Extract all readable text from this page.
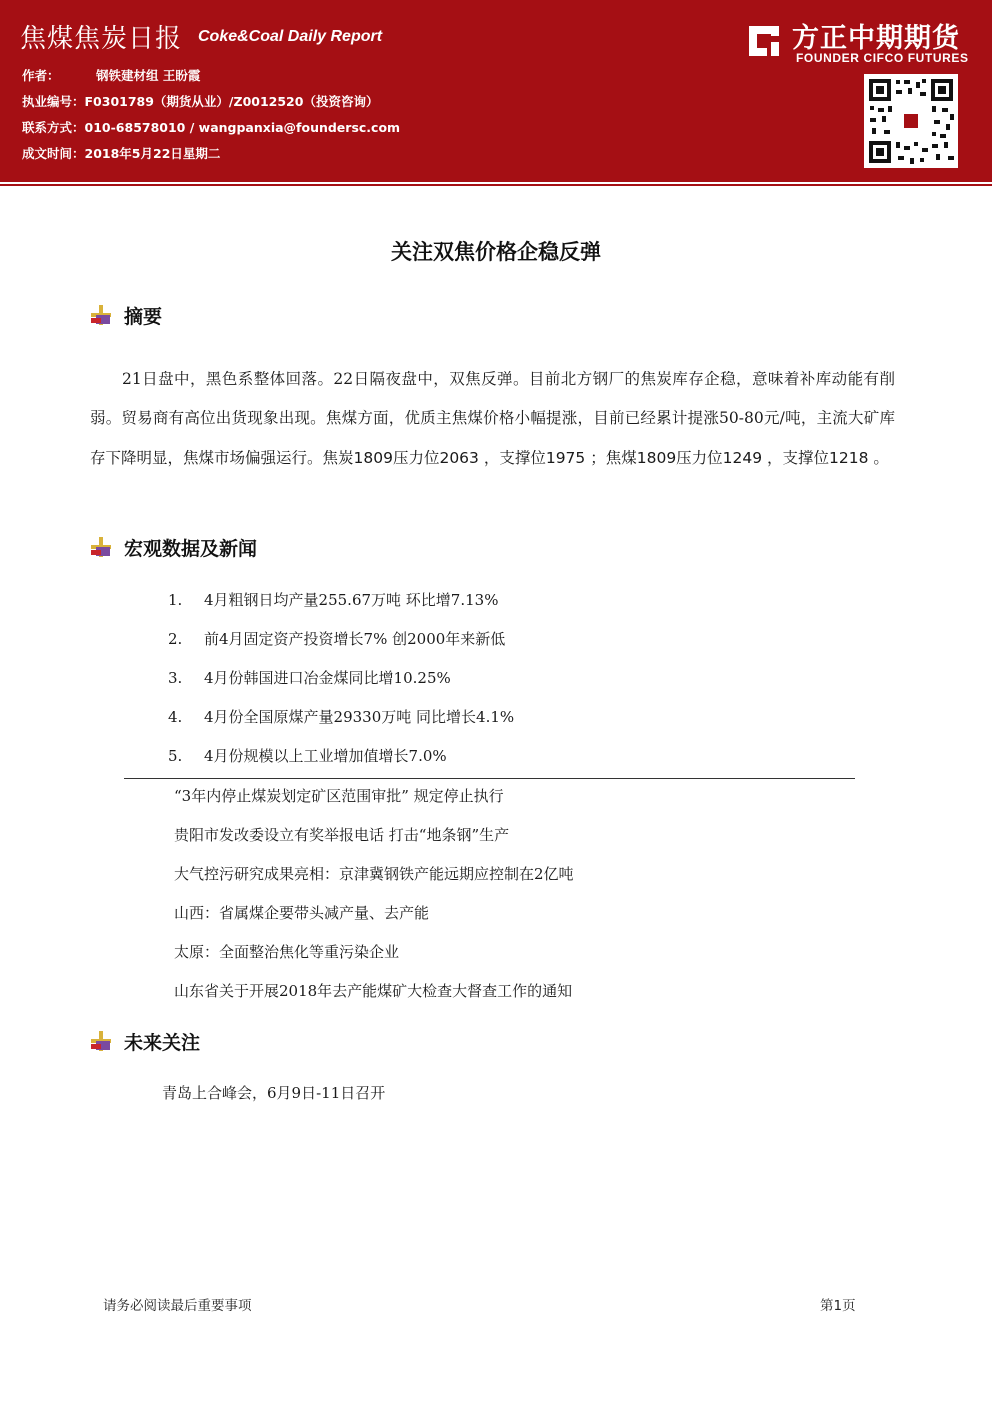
焦煤焦炭日报 Coke&Coal Daily Report
作者：	钢铁建材组 王盼霞
执业编号：F0301789（期货从业）/Z0012520（投资咨询）
联系方式：010-68578010 / wangpanxia@foundersc.com
成文时间：2018年5月22日星期二
方正中期期货
FOUNDER CIFCO FUTURES
关注双焦价格企稳反弹
摘要
21日盘中，黑色系整体回落。22日隔夜盘中，双焦反弹。目前北方钢厂的焦炭库存企稳，意味着补库动能有削弱。贸易商有高位出货现象出现。焦煤方面，优质主焦煤价格小幅提涨，目前已经累计提涨50-80元/吨，主流大矿库存下降明显，焦煤市场偏强运行。焦炭1809压力位2063 ，支撑位1975 ；焦煤1809压力位1249 ，支撑位1218 。
宏观数据及新闻
1. 4月粗钢日均产量255.67万吨 环比增7.13%
2. 前4月固定资产投资增长7% 创2000年来新低
3. 4月份韩国进口冶金煤同比增10.25%
4. 4月份全国原煤产量29330万吨 同比增长4.1%
5. 4月份规模以上工业增加值增长7.0%
“3年内停止煤炭划定矿区范围审批” 规定停止执行
贵阳市发改委设立有奖举报电话 打击“地条钢”生产
大气控污研究成果亮相：京津冀钢铁产能远期应控制在2亿吨
山西：省属煤企要带头减产量、去产能
太原：全面整治焦化等重污染企业
山东省关于开展2018年去产能煤矿大检查大督查工作的通知
未来关注
青岛上合峰会，6月9日-11日召开
请务必阅读最后重要事项	第1页
